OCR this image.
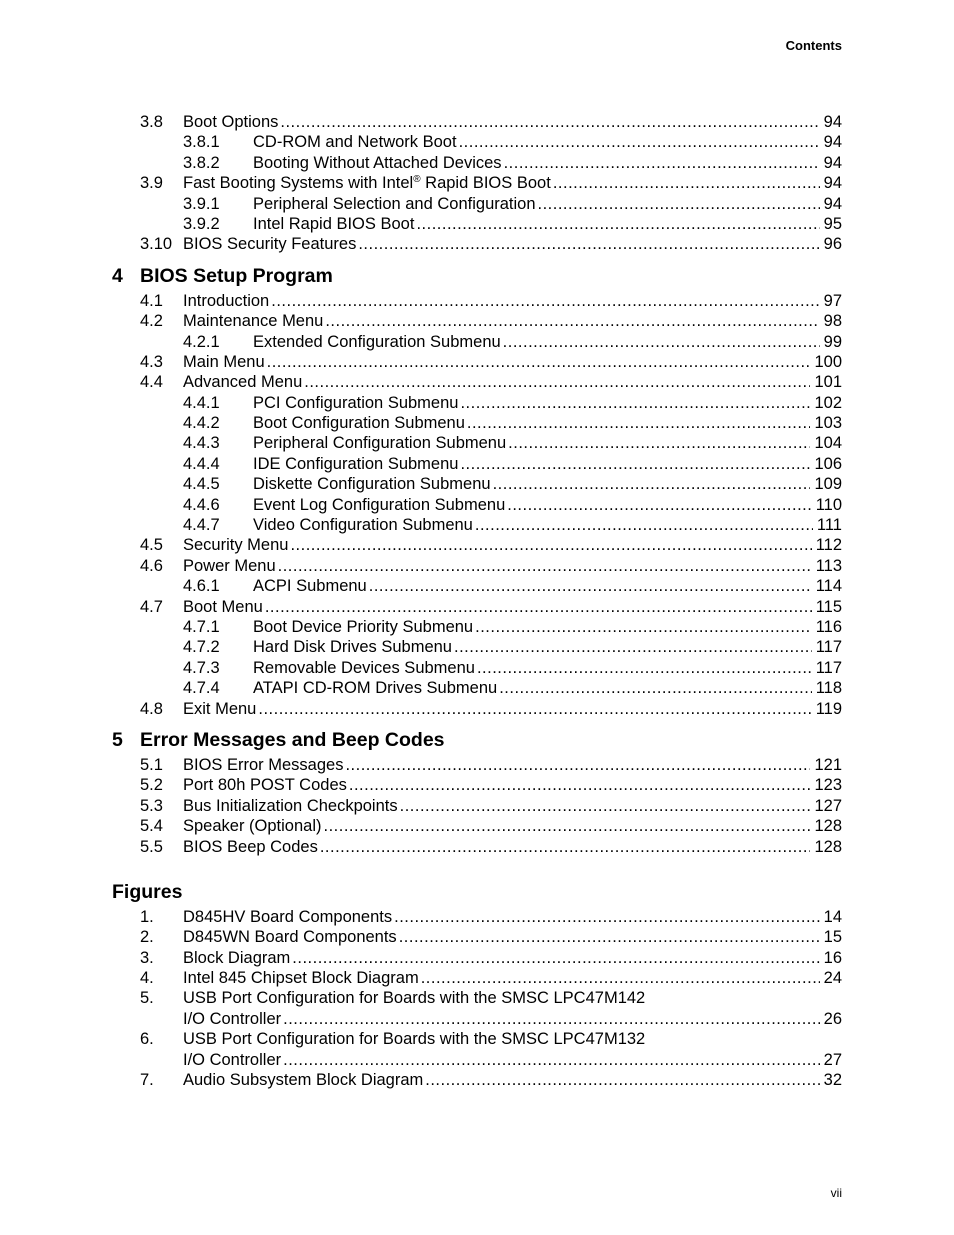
Contents
3.8 Boot Options .....	94
3.8.1 CD-ROM and Network Boot .....	94
3.8.2 Booting Without Attached Devices .....	94
3.9 Fast Booting Systems with Intel® Rapid BIOS Boot .....	94
3.9.1 Peripheral Selection and Configuration .....	94
3.9.2 Intel Rapid BIOS Boot .....	95
3.10 BIOS Security Features .....	96
4 BIOS Setup Program
4.1 Introduction .....	97
4.2 Maintenance Menu .....	98
4.2.1 Extended Configuration Submenu .....	99
4.3 Main Menu .....	100
4.4 Advanced Menu .....	101
4.4.1 PCI Configuration Submenu .....	102
4.4.2 Boot Configuration Submenu .....	103
4.4.3 Peripheral Configuration Submenu .....	104
4.4.4 IDE Configuration Submenu .....	106
4.4.5 Diskette Configuration Submenu .....	109
4.4.6 Event Log Configuration Submenu .....	110
4.4.7 Video Configuration Submenu .....	111
4.5 Security Menu .....	112
4.6 Power Menu .....	113
4.6.1 ACPI Submenu .....	114
4.7 Boot Menu .....	115
4.7.1 Boot Device Priority Submenu .....	116
4.7.2 Hard Disk Drives Submenu .....	117
4.7.3 Removable Devices Submenu .....	117
4.7.4 ATAPI CD-ROM Drives Submenu .....	118
4.8 Exit Menu .....	119
5 Error Messages and Beep Codes
5.1 BIOS Error Messages .....	121
5.2 Port 80h POST Codes .....	123
5.3 Bus Initialization Checkpoints .....	127
5.4 Speaker (Optional) .....	128
5.5 BIOS Beep Codes .....	128
Figures
1. D845HV Board Components .....	14
2. D845WN Board Components .....	15
3. Block Diagram .....	16
4. Intel 845 Chipset Block Diagram .....	24
5. USB Port Configuration for Boards with the SMSC LPC47M142
I/O Controller .....	26
6. USB Port Configuration for Boards with the SMSC LPC47M132
I/O Controller .....	27
7. Audio Subsystem Block Diagram .....	32
vii
